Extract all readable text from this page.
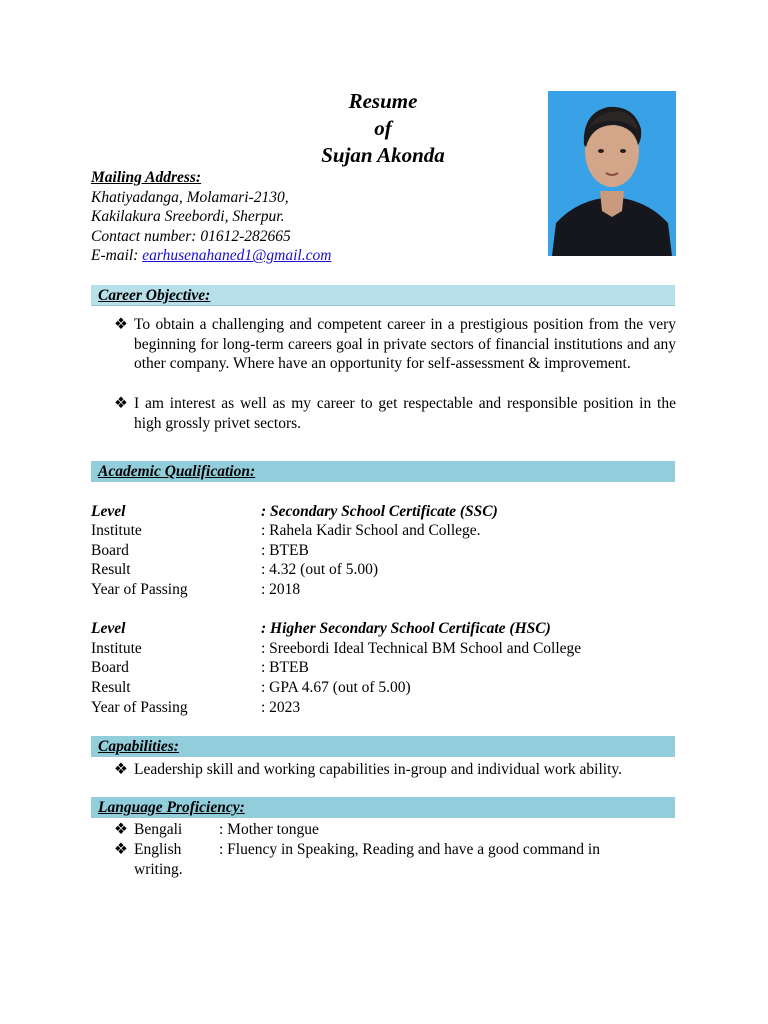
Resume
of
Sujan Akonda
Mailing Address:
Khatiyadanga, Molamari-2130,
Kakilakura Sreebordi, Sherpur.
Contact number: 01612-282665
E-mail: earhusenahaned1@gmail.com
Career Objective:
❖ To obtain a challenging and competent career in a prestigious position from the very beginning for long-term careers goal in private sectors of financial institutions and any other company. Where have an opportunity for self-assessment & improvement.
❖ I am interest as well as my career to get respectable and responsible position in the high grossly privet sectors.
Academic Qualification:
Level	: Secondary School Certificate (SSC)
Institute	: Rahela Kadir School and College.
Board	: BTEB
Result	: 4.32 (out of 5.00)
Year of Passing	: 2018
Level	: Higher Secondary School Certificate (HSC)
Institute	: Sreebordi Ideal Technical BM School and College
Board	: BTEB
Result	: GPA 4.67 (out of 5.00)
Year of Passing	: 2023
Capabilities:
❖ Leadership skill and working capabilities in-group and individual work ability.
Language Proficiency:
❖ Bengali : Mother tongue
❖ English : Fluency in Speaking, Reading and have a good command in
writing.
